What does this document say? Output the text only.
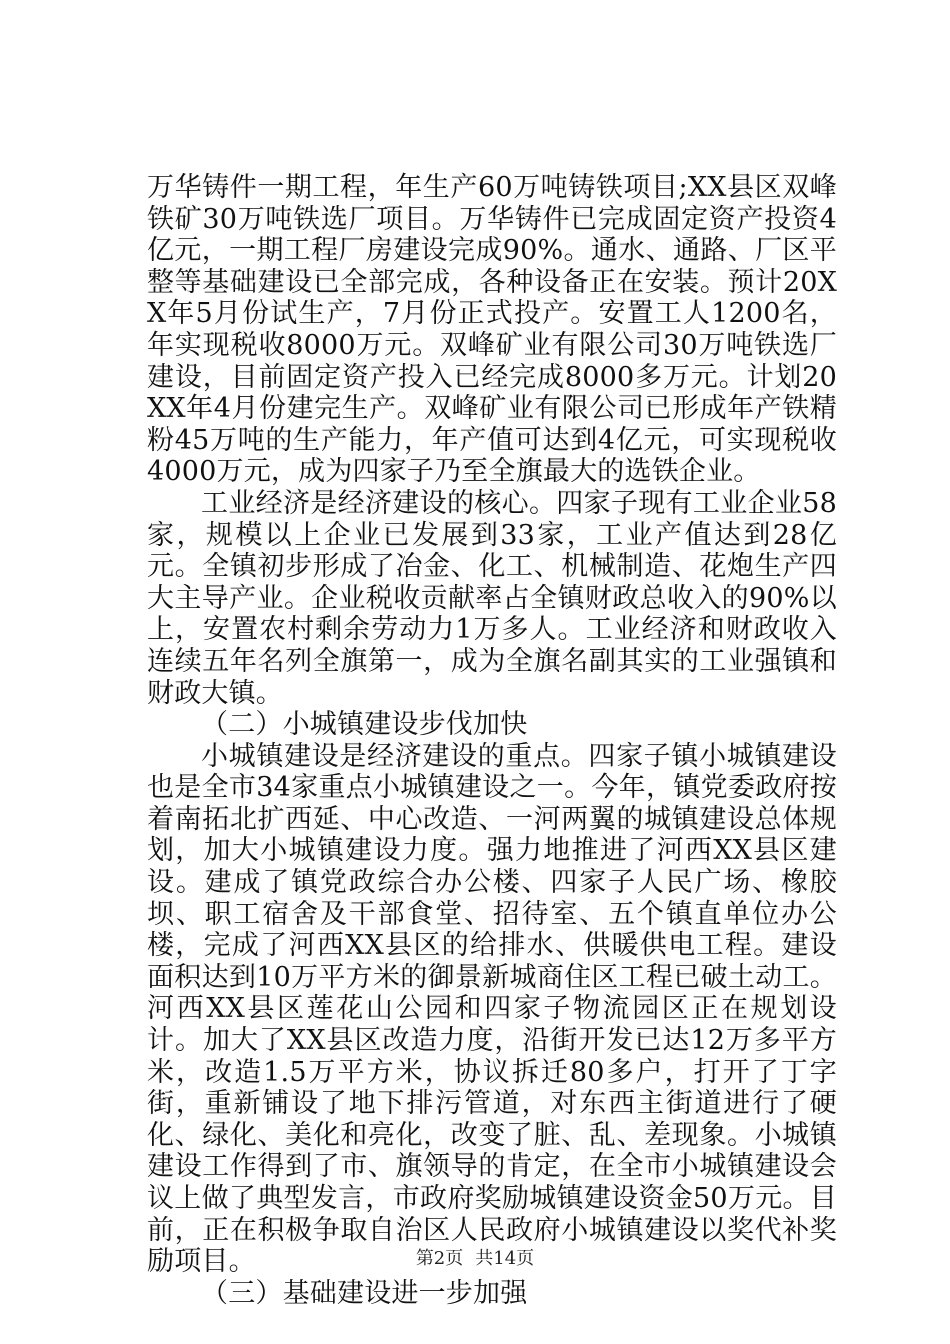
万华铸件一期工程，年生产60万吨铸铁项目;XX县区双峰铁矿30万吨铁选厂项目。万华铸件已完成固定资产投资4亿元，一期工程厂房建设完成90%。通水、通路、厂区平整等基础建设已全部完成，各种设备正在安装。预计20XX年5月份试生产，7月份正式投产。安置工人1200名，年实现税收8000万元。双峰矿业有限公司30万吨铁选厂建设，目前固定资产投入已经完成8000多万元。计划20XX年4月份建完生产。双峰矿业有限公司已形成年产铁精粉45万吨的生产能力，年产值可达到4亿元，可实现税收4000万元，成为四家子乃至全旗最大的选铁企业。

工业经济是经济建设的核心。四家子现有工业企业58家，规模以上企业已发展到33家，工业产值达到28亿元。全镇初步形成了冶金、化工、机械制造、花炮生产四大主导产业。企业税收贡献率占全镇财政总收入的90%以上，安置农村剩余劳动力1万多人。工业经济和财政收入连续五年名列全旗第一，成为全旗名副其实的工业强镇和财政大镇。

（二）小城镇建设步伐加快

小城镇建设是经济建设的重点。四家子镇小城镇建设也是全市34家重点小城镇建设之一。今年，镇党委政府按着南拓北扩西延、中心改造、一河两翼的城镇建设总体规划，加大小城镇建设力度。强力地推进了河西XX县区建设。建成了镇党政综合办公楼、四家子人民广场、橡胶坝、职工宿舍及干部食堂、招待室、五个镇直单位办公楼，完成了河西XX县区的给排水、供暖供电工程。建设面积达到10万平方米的御景新城商住区工程已破土动工。河西XX县区莲花山公园和四家子物流园区正在规划设计。加大了XX县区改造力度，沿街开发已达12万多平方米，改造1.5万平方米，协议拆迁80多户，打开了丁字街，重新铺设了地下排污管道，对东西主街道进行了硬化、绿化、美化和亮化，改变了脏、乱、差现象。小城镇建设工作得到了市、旗领导的肯定，在全市小城镇建设会议上做了典型发言，市政府奖励城镇建设资金50万元。目前，正在积极争取自治区人民政府小城镇建设以奖代补奖励项目。

（三）基础建设进一步加强

第2页 共14页
